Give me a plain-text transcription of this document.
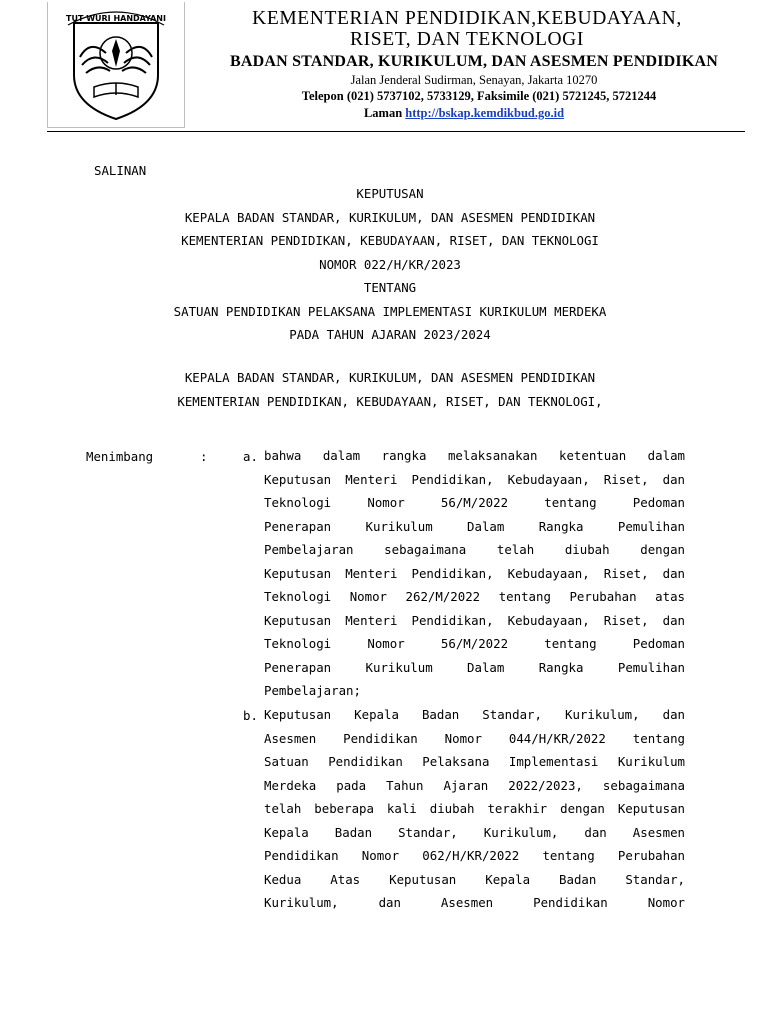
TUT WURI HANDAYANI	KEMENTERIAN PENDIDIKAN,KEBUDAYAAN,
RISET, DAN TEKNOLOGI
BADAN STANDAR, KURIKULUM, DAN ASESMEN PENDIDIKAN
Jalan Jenderal Sudirman, Senayan, Jakarta 10270
Telepon (021) 5737102, 5733129, Faksimile (021) 5721245, 5721244
Laman http://bskap.kemdikbud.go.id
SALINAN
KEPUTUSAN
KEPALA BADAN STANDAR, KURIKULUM, DAN ASESMEN PENDIDIKAN
KEMENTERIAN PENDIDIKAN, KEBUDAYAAN, RISET, DAN TEKNOLOGI
NOMOR 022/H/KR/2023
TENTANG
SATUAN PENDIDIKAN PELAKSANA IMPLEMENTASI KURIKULUM MERDEKA
PADA TAHUN AJARAN 2023/2024
KEPALA BADAN STANDAR, KURIKULUM, DAN ASESMEN PENDIDIKAN
KEMENTERIAN PENDIDIKAN, KEBUDAYAAN, RISET, DAN TEKNOLOGI,
Menimbang	:	a. bahwa dalam rangka melaksanakan ketentuan dalam
Keputusan Menteri Pendidikan, Kebudayaan, Riset, dan
Teknologi Nomor 56/M/2022 tentang Pedoman
Penerapan Kurikulum Dalam Rangka Pemulihan
Pembelajaran sebagaimana telah diubah dengan
Keputusan Menteri Pendidikan, Kebudayaan, Riset, dan
Teknologi Nomor 262/M/2022 tentang Perubahan atas
Keputusan Menteri Pendidikan, Kebudayaan, Riset, dan
Teknologi Nomor 56/M/2022 tentang Pedoman
Penerapan Kurikulum Dalam Rangka Pemulihan
Pembelajaran;
b. Keputusan Kepala Badan Standar, Kurikulum, dan
Asesmen Pendidikan Nomor 044/H/KR/2022 tentang
Satuan Pendidikan Pelaksana Implementasi Kurikulum
Merdeka pada Tahun Ajaran 2022/2023, sebagaimana
telah beberapa kali diubah terakhir dengan Keputusan
Kepala Badan Standar, Kurikulum, dan Asesmen
Pendidikan Nomor 062/H/KR/2022 tentang Perubahan
Kedua Atas Keputusan Kepala Badan Standar,
Kurikulum, dan Asesmen Pendidikan Nomor
